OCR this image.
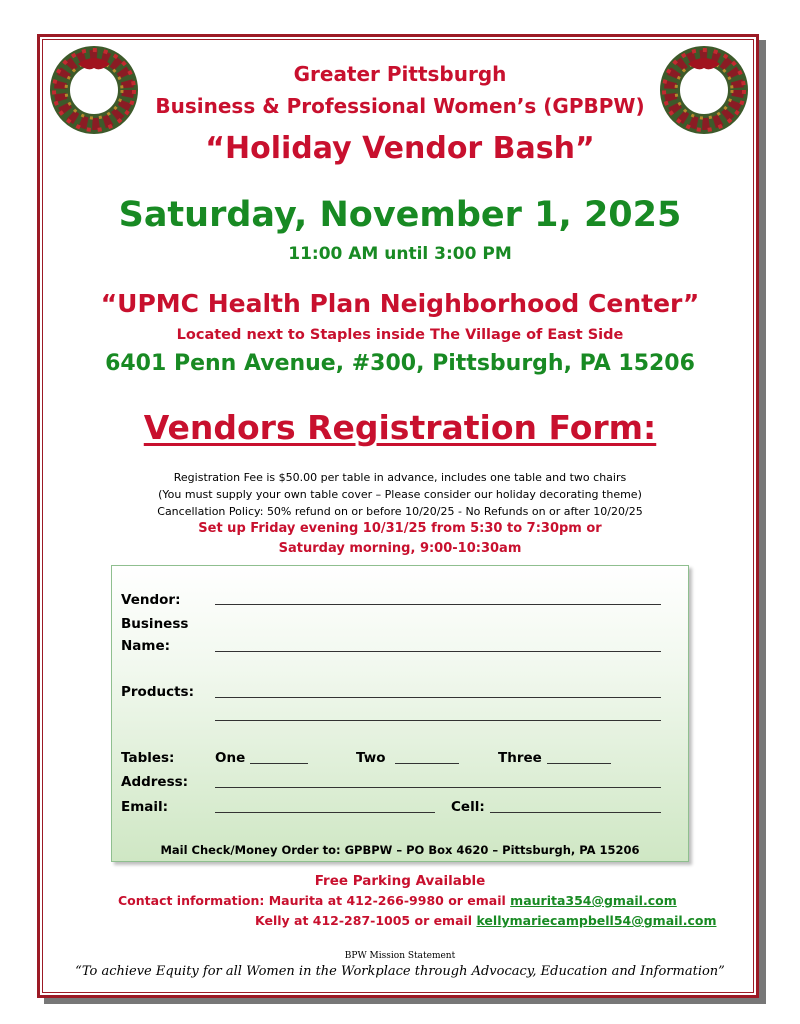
Greater Pittsburgh
Business & Professional Women’s (GPBPW)
“Holiday Vendor Bash”
Saturday, November 1, 2025
11:00 AM until 3:00 PM
“UPMC Health Plan Neighborhood Center”
Located next to Staples inside The Village of East Side
6401 Penn Avenue, #300, Pittsburgh, PA 15206
Vendors Registration Form:
Registration Fee is $50.00 per table in advance, includes one table and two chairs
(You must supply your own table cover – Please consider our holiday decorating theme)
Cancellation Policy: 50% refund on or before 10/20/25 - No Refunds on or after 10/20/25
Set up Friday evening 10/31/25 from 5:30 to 7:30pm or
Saturday morning, 9:00-10:30am
Vendor:
Business
Name:
Products:
Tables:	One	Two	Three
Address:
Email:	Cell:
Mail Check/Money Order to: GPBPW – PO Box 4620 – Pittsburgh, PA 15206
Free Parking Available
Contact information: Maurita at 412-266-9980 or email maurita354@gmail.com
Kelly at 412-287-1005 or email kellymariecampbell54@gmail.com
BPW Mission Statement
“To achieve Equity for all Women in the Workplace through Advocacy, Education and Information”
